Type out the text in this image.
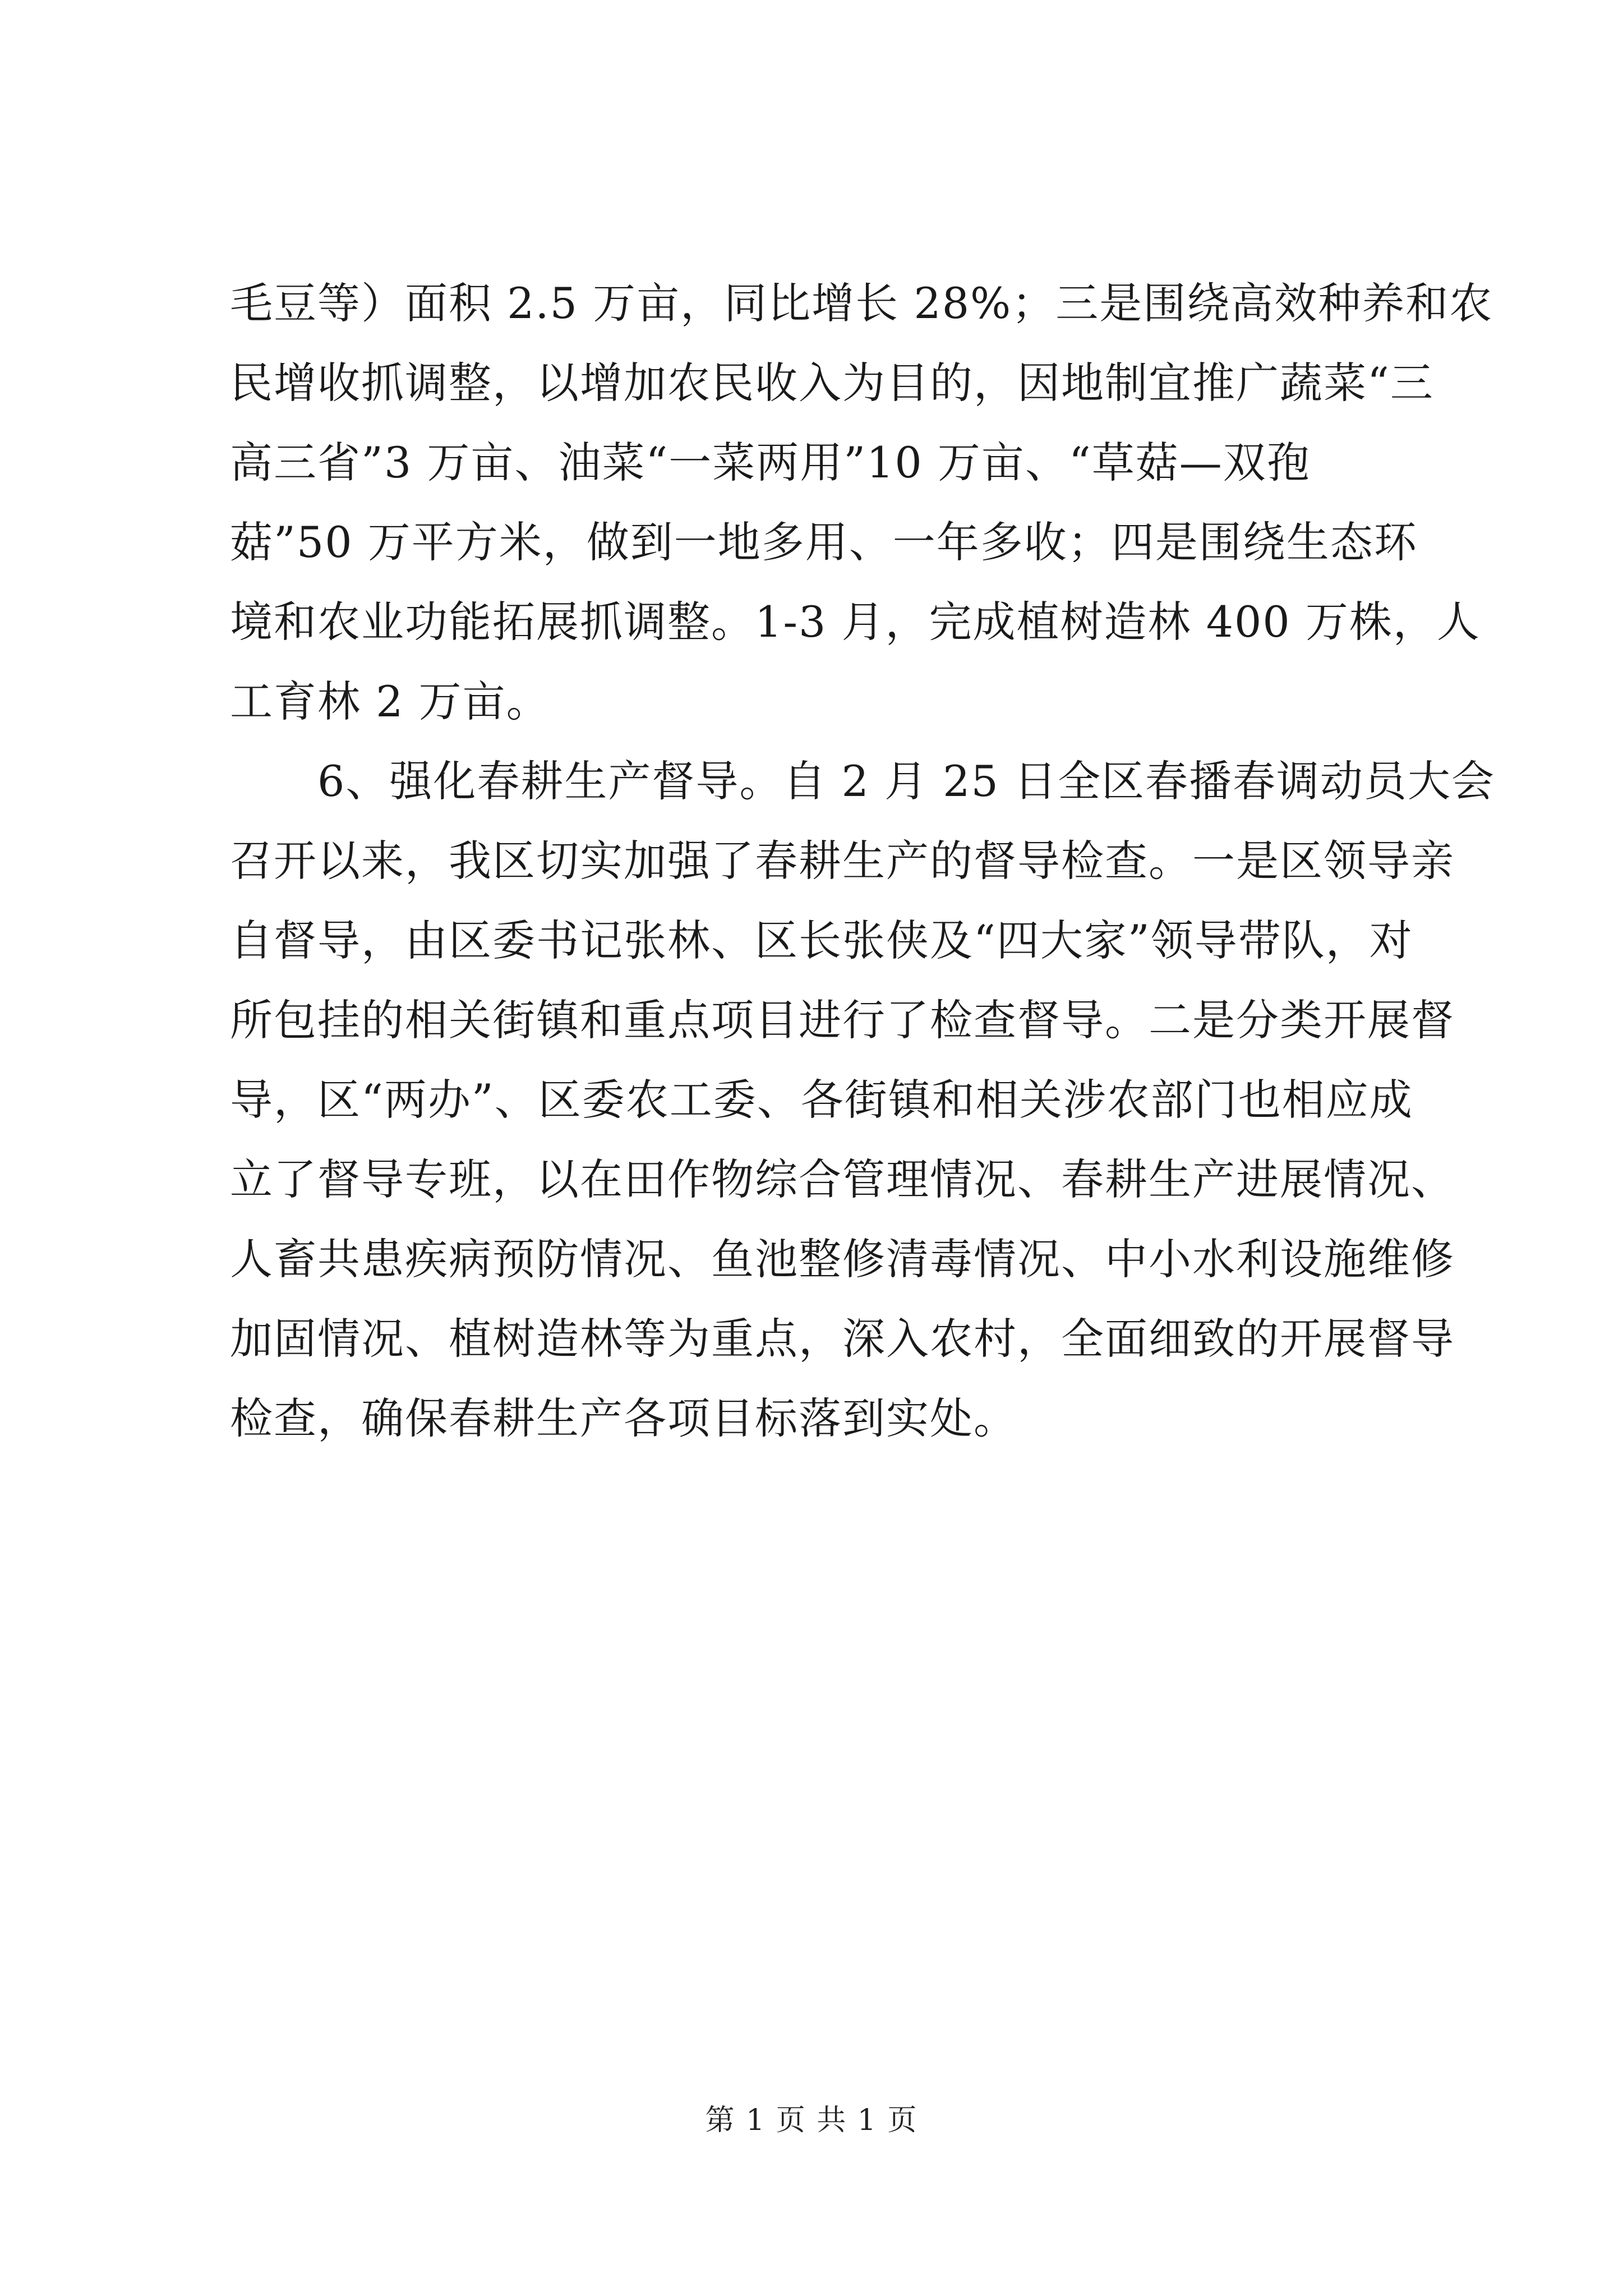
毛豆等）面积 2.5 万亩，同比增长 28%；三是围绕高效种养和农
民增收抓调整，以增加农民收入为目的，因地制宜推广蔬菜“三
高三省”3 万亩、油菜“一菜两用”10 万亩、“草菇—双孢
菇”50 万平方米，做到一地多用、一年多收；四是围绕生态环
境和农业功能拓展抓调整。1-3 月，完成植树造林 400 万株，人
工育林 2 万亩。
　　6、强化春耕生产督导。自 2 月 25 日全区春播春调动员大会
召开以来，我区切实加强了春耕生产的督导检查。一是区领导亲
自督导，由区委书记张林、区长张侠及“四大家”领导带队，对
所包挂的相关街镇和重点项目进行了检查督导。二是分类开展督
导，区“两办”、区委农工委、各街镇和相关涉农部门也相应成
立了督导专班，以在田作物综合管理情况、春耕生产进展情况、
人畜共患疾病预防情况、鱼池整修清毒情况、中小水利设施维修
加固情况、植树造林等为重点，深入农村，全面细致的开展督导
检查，确保春耕生产各项目标落到实处。
第 1 页 共 1 页
